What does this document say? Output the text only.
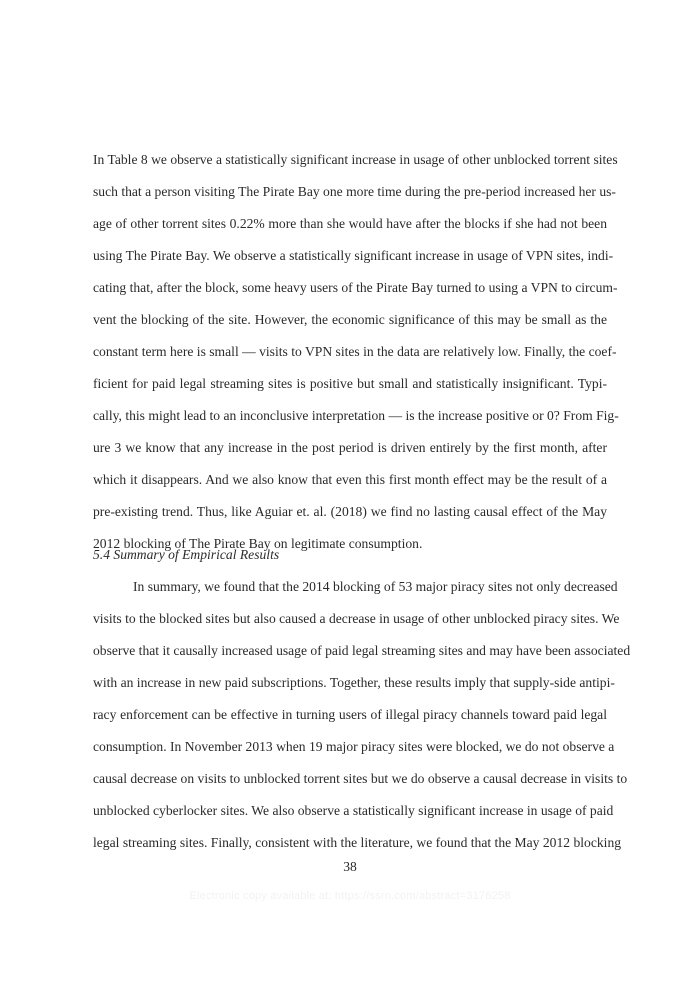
In Table 8 we observe a statistically significant increase in usage of other unblocked torrent sites
such that a person visiting The Pirate Bay one more time during the pre-period increased her us-
age of other torrent sites 0.22% more than she would have after the blocks if she had not been
using The Pirate Bay. We observe a statistically significant increase in usage of VPN sites, indi-
cating that, after the block, some heavy users of the Pirate Bay turned to using a VPN to circum-
vent the blocking of the site. However, the economic significance of this may be small as the
constant term here is small — visits to VPN sites in the data are relatively low. Finally, the coef-
ficient for paid legal streaming sites is positive but small and statistically insignificant. Typi-
cally, this might lead to an inconclusive interpretation — is the increase positive or 0? From Fig-
ure 3 we know that any increase in the post period is driven entirely by the first month, after
which it disappears. And we also know that even this first month effect may be the result of a
pre-existing trend. Thus, like Aguiar et. al. (2018) we find no lasting causal effect of the May
2012 blocking of The Pirate Bay on legitimate consumption.
5.4 Summary of Empirical Results
In summary, we found that the 2014 blocking of 53 major piracy sites not only decreased
visits to the blocked sites but also caused a decrease in usage of other unblocked piracy sites. We
observe that it causally increased usage of paid legal streaming sites and may have been associated
with an increase in new paid subscriptions. Together, these results imply that supply-side antipi-
racy enforcement can be effective in turning users of illegal piracy channels toward paid legal
consumption. In November 2013 when 19 major piracy sites were blocked, we do not observe a
causal decrease on visits to unblocked torrent sites but we do observe a causal decrease in visits to
unblocked cyberlocker sites. We also observe a statistically significant increase in usage of paid
legal streaming sites. Finally, consistent with the literature, we found that the May 2012 blocking
38
Electronic copy available at: https://ssrn.com/abstract=3176258
